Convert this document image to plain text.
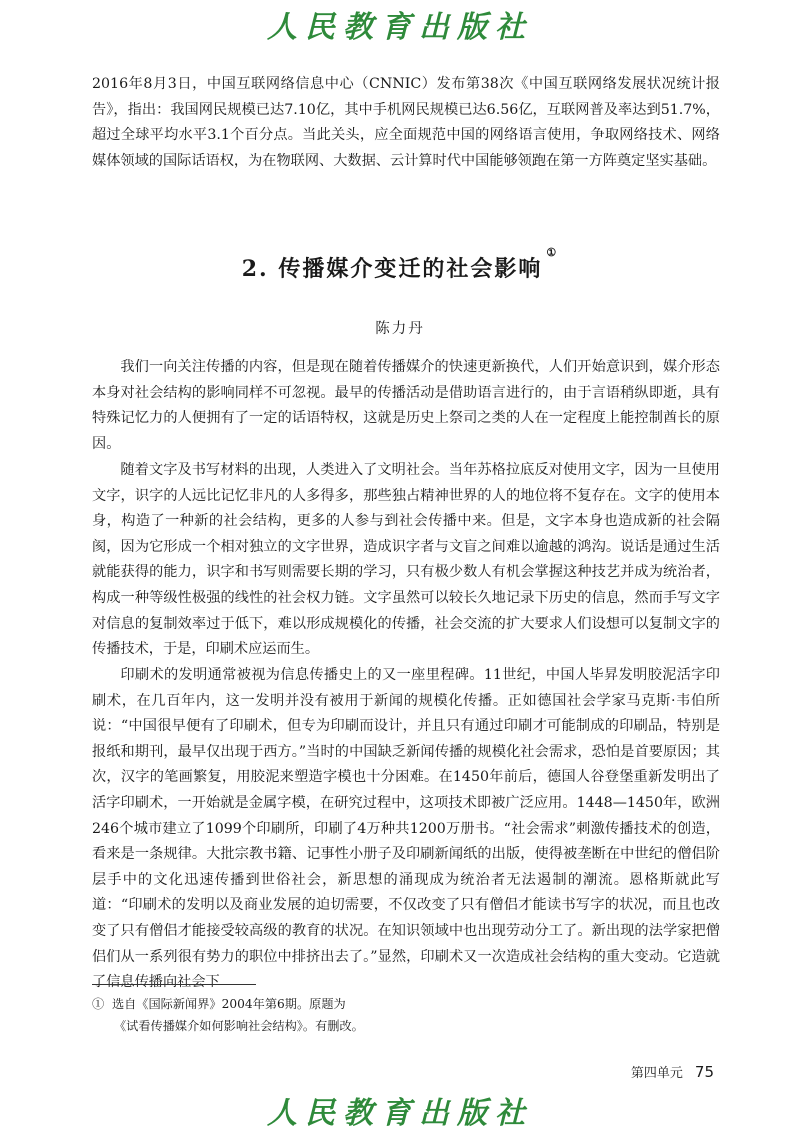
人民教育出版社

2016年8月3日，中国互联网络信息中心（CNNIC）发布第38次《中国互联网络发展状况统计报告》，指出：我国网民规模已达7.10亿，其中手机网民规模已达6.56亿，互联网普及率达到51.7%，超过全球平均水平3.1个百分点。当此关头，应全面规范中国的网络语言使用，争取网络技术、网络媒体领域的国际话语权，为在物联网、大数据、云计算时代中国能够领跑在第一方阵奠定坚实基础。

2. 传播媒介变迁的社会影响①

陈力丹

我们一向关注传播的内容，但是现在随着传播媒介的快速更新换代，人们开始意识到，媒介形态本身对社会结构的影响同样不可忽视。最早的传播活动是借助语言进行的，由于言语稍纵即逝，具有特殊记忆力的人便拥有了一定的话语特权，这就是历史上祭司之类的人在一定程度上能控制酋长的原因。

随着文字及书写材料的出现，人类进入了文明社会。当年苏格拉底反对使用文字，因为一旦使用文字，识字的人远比记忆非凡的人多得多，那些独占精神世界的人的地位将不复存在。文字的使用本身，构造了一种新的社会结构，更多的人参与到社会传播中来。但是，文字本身也造成新的社会隔阂，因为它形成一个相对独立的文字世界，造成识字者与文盲之间难以逾越的鸿沟。说话是通过生活就能获得的能力，识字和书写则需要长期的学习，只有极少数人有机会掌握这种技艺并成为统治者，构成一种等级性极强的线性的社会权力链。文字虽然可以较长久地记录下历史的信息，然而手写文字对信息的复制效率过于低下，难以形成规模化的传播，社会交流的扩大要求人们设想可以复制文字的传播技术，于是，印刷术应运而生。

印刷术的发明通常被视为信息传播史上的又一座里程碑。11世纪，中国人毕昇发明胶泥活字印刷术，在几百年内，这一发明并没有被用于新闻的规模化传播。正如德国社会学家马克斯·韦伯所说：“中国很早便有了印刷术，但专为印刷而设计，并且只有通过印刷才可能制成的印刷品，特别是报纸和期刊，最早仅出现于西方。”当时的中国缺乏新闻传播的规模化社会需求，恐怕是首要原因；其次，汉字的笔画繁复，用胶泥来塑造字模也十分困难。在1450年前后，德国人谷登堡重新发明出了活字印刷术，一开始就是金属字模，在研究过程中，这项技术即被广泛应用。1448—1450年，欧洲246个城市建立了1099个印刷所，印刷了4万种共1200万册书。“社会需求”刺激传播技术的创造，看来是一条规律。大批宗教书籍、记事性小册子及印刷新闻纸的出版，使得被垄断在中世纪的僧侣阶层手中的文化迅速传播到世俗社会，新思想的涌现成为统治者无法遏制的潮流。恩格斯就此写道：“印刷术的发明以及商业发展的迫切需要，不仅改变了只有僧侣才能读书写字的状况，而且也改变了只有僧侣才能接受较高级的教育的状况。在知识领域中也出现劳动分工了。新出现的法学家把僧侣们从一系列很有势力的职位中排挤出去了。”显然，印刷术又一次造成社会结构的重大变动。它造就了信息传播向社会下

① 选自《国际新闻界》2004年第6期。原题为
《试看传播媒介如何影响社会结构》。有删改。
第四单元 75
人民教育出版社
